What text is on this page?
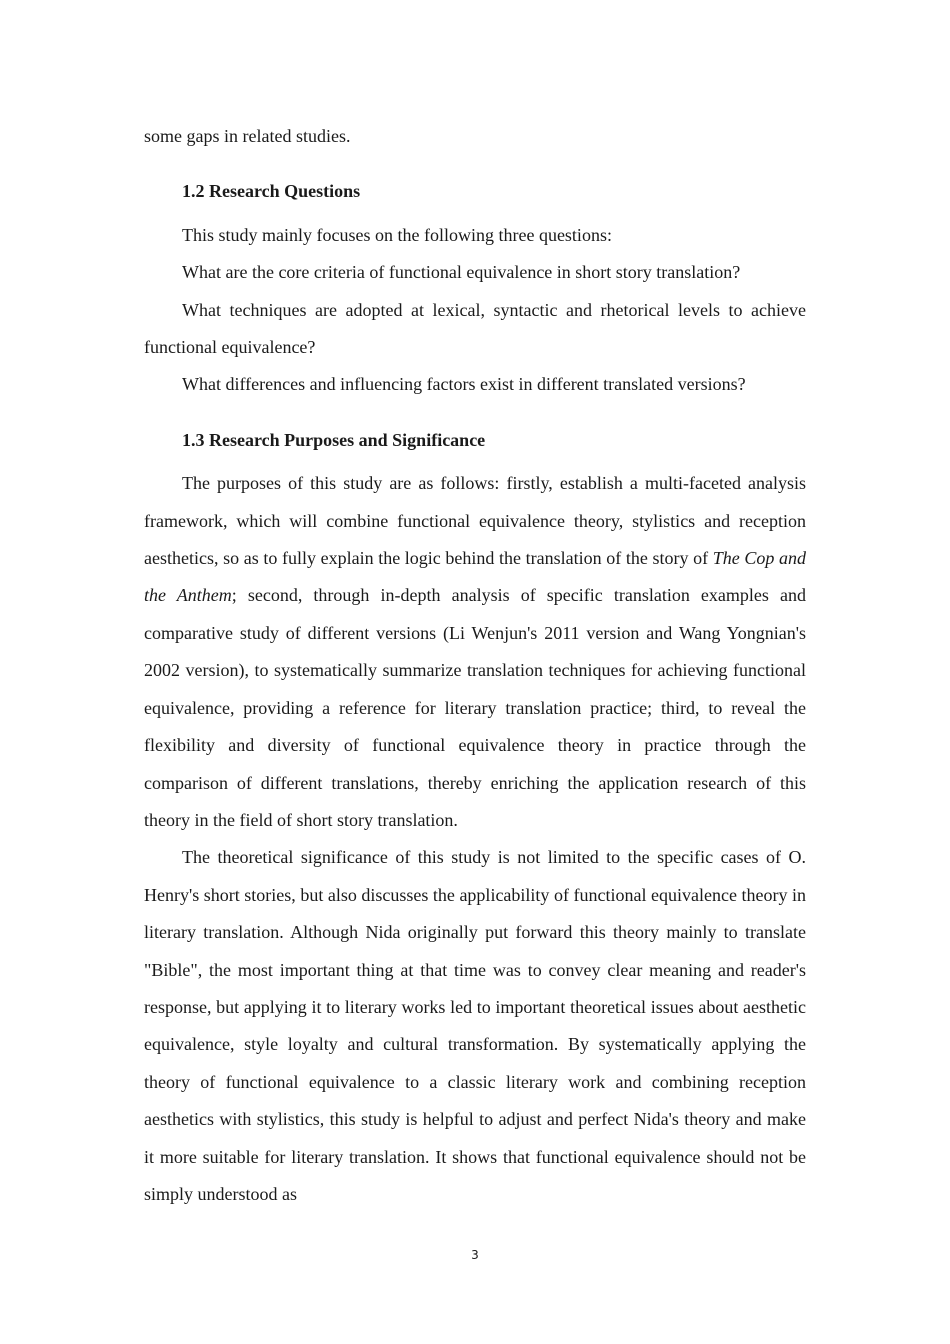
some gaps in related studies.

1.2 Research Questions

This study mainly focuses on the following three questions:

What are the core criteria of functional equivalence in short story translation?

What techniques are adopted at lexical, syntactic and rhetorical levels to achieve functional equivalence?

What differences and influencing factors exist in different translated versions?

1.3 Research Purposes and Significance

The purposes of this study are as follows: firstly, establish a multi-faceted analysis framework, which will combine functional equivalence theory, stylistics and reception aesthetics, so as to fully explain the logic behind the translation of the story of The Cop and the Anthem; second, through in-depth analysis of specific translation examples and comparative study of different versions (Li Wenjun's 2011 version and Wang Yongnian's 2002 version), to systematically summarize translation techniques for achieving functional equivalence, providing a reference for literary translation practice; third, to reveal the flexibility and diversity of functional equivalence theory in practice through the comparison of different translations, thereby enriching the application research of this theory in the field of short story translation.

The theoretical significance of this study is not limited to the specific cases of O. Henry's short stories, but also discusses the applicability of functional equivalence theory in literary translation. Although Nida originally put forward this theory mainly to translate "Bible", the most important thing at that time was to convey clear meaning and reader's response, but applying it to literary works led to important theoretical issues about aesthetic equivalence, style loyalty and cultural transformation. By systematically applying the theory of functional equivalence to a classic literary work and combining reception aesthetics with stylistics, this study is helpful to adjust and perfect Nida's theory and make it more suitable for literary translation. It shows that functional equivalence should not be simply understood as

3
